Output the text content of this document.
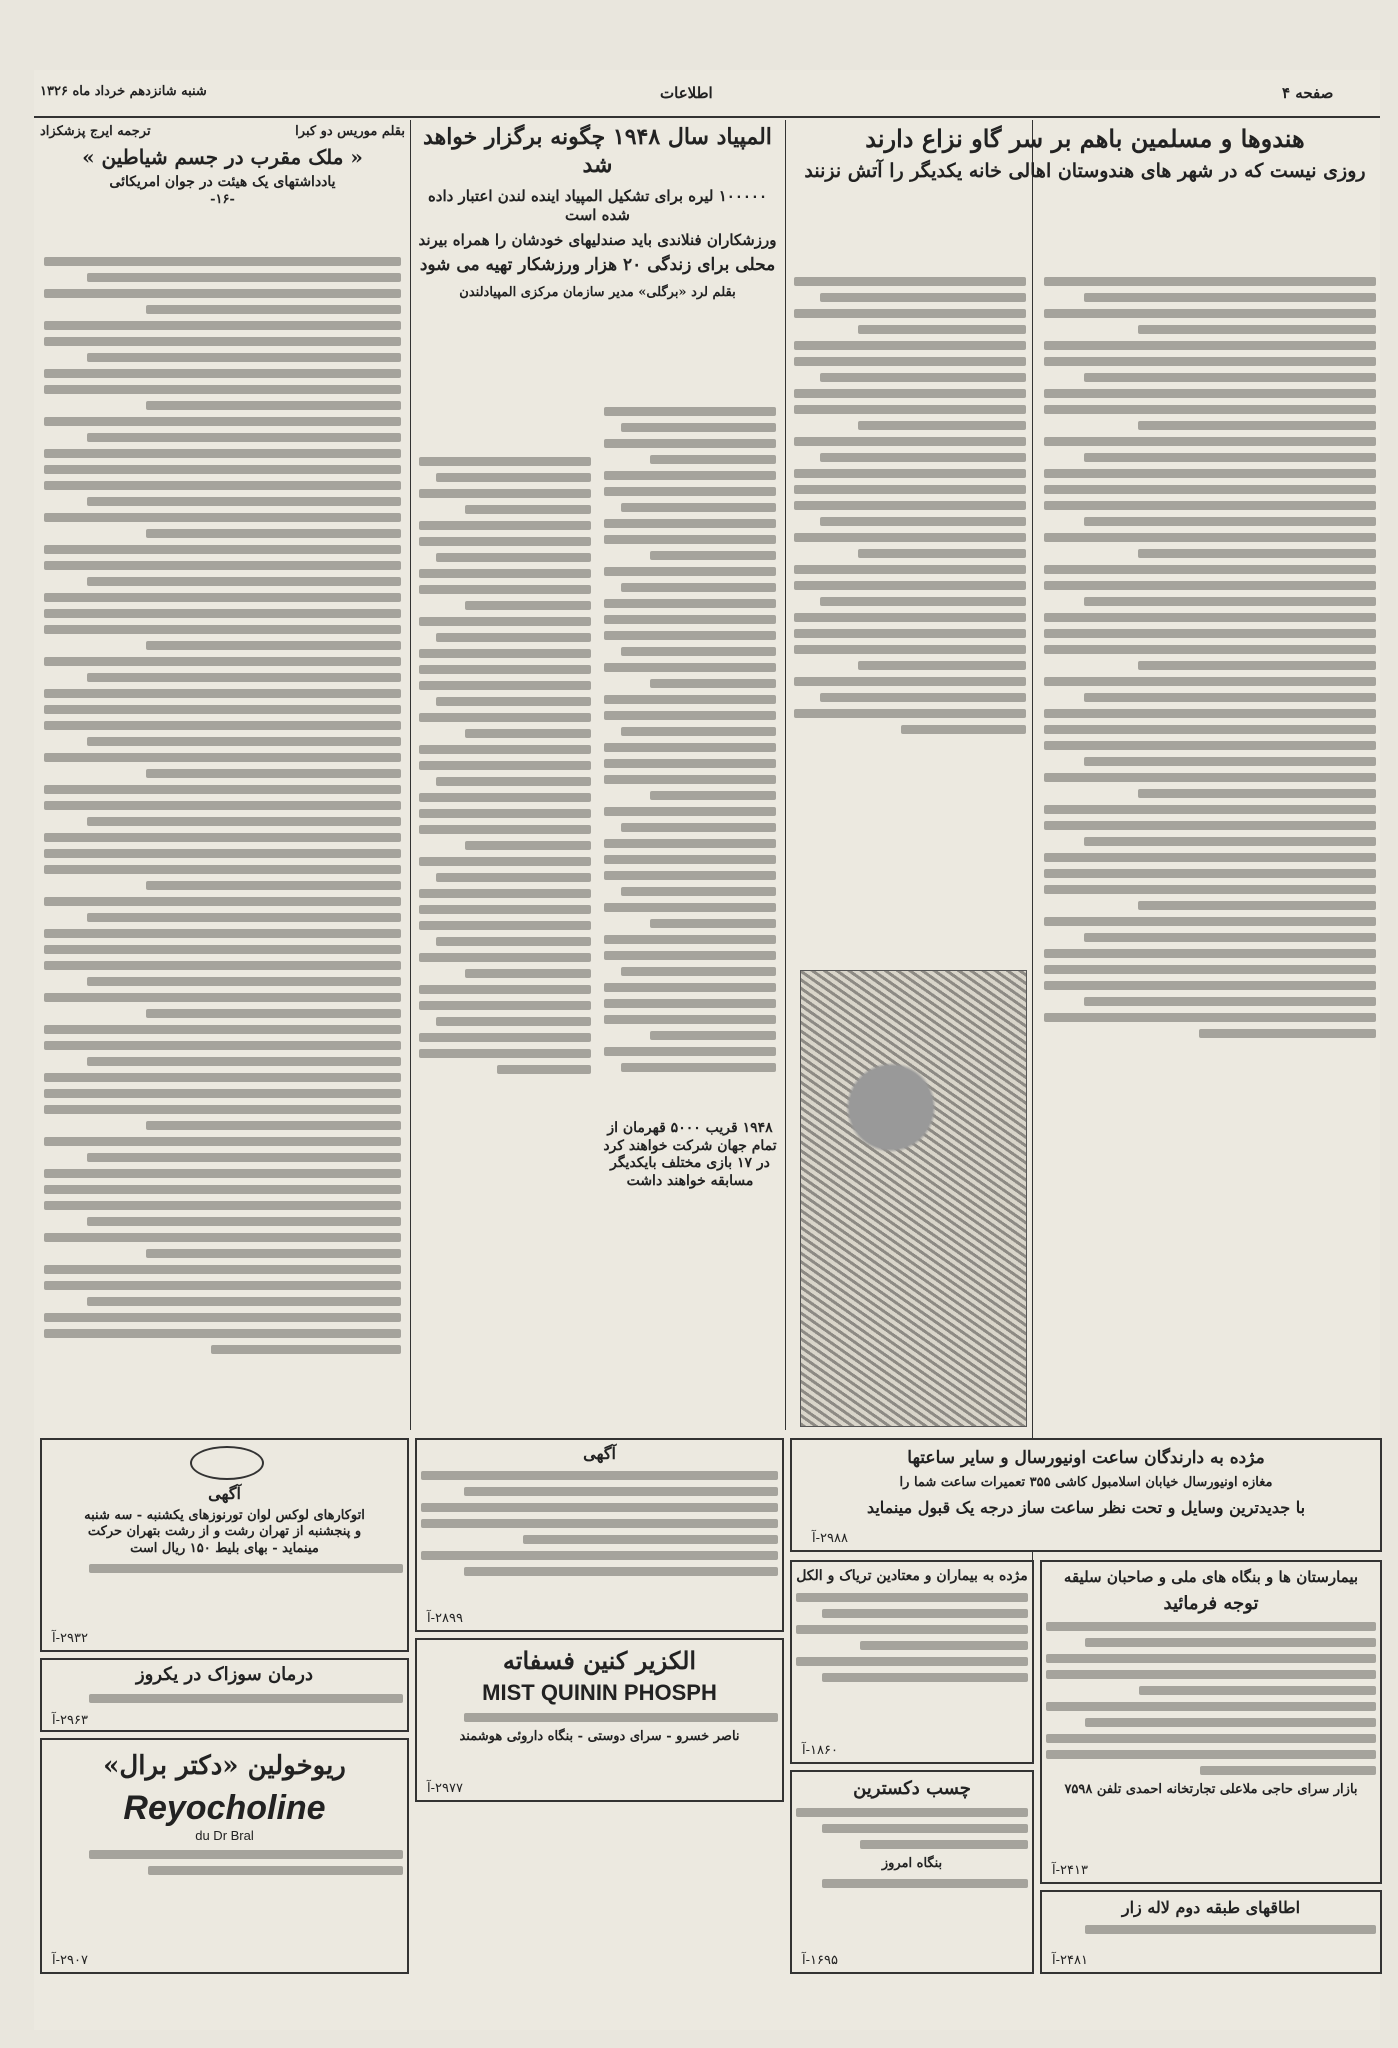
صفحه ۴
اطلاعات
شنبه شانزدهم خرداد ماه ۱۳۲۶
هندوها و مسلمین باهم بر سر گاو نزاع دارند
روزی نیست که در شهر های هندوستان اهالی خانه یکدیگر را آتش نزنند
المپیاد سال ۱۹۴۸ چگونه برگزار خواهد شد
۱۰۰۰۰۰ لیره برای تشکیل المپیاد اینده لندن اعتبار داده شده است
ورزشکاران فنلاندی باید صندلیهای خودشان را همراه بیرند
محلی برای زندگی ۲۰ هزار ورزشکار تهیه می شود
بقلم لرد «برگلی» مدیر سازمان مرکزی المپیادلندن
۱۹۴۸ قریب ۵۰۰۰ قهرمان از تمام جهان شرکت خواهند کرد در ۱۷ بازی مختلف بایکدیگر مسابقه خواهند داشت
بقلم موریس دو کبرا
ترجمه ایرج پزشکزاد
« ملک مقرب در جسم شیاطین »
یادداشتهای یک هیئت در جوان امریکائی
-۱۶-
مژده به دارندگان ساعت اونیورسال و سایر ساعتها
مغازه اونیورسال خیابان اسلامبول کاشی ۳۵۵ تعمیرات ساعت شما را
با جدیدترین وسایل و تحت نظر ساعت ساز درجه یک قبول مینماید
۲۹۸۸-آ
بیمارستان ها و بنگاه های ملی و صاحبان سلیقه
توجه فرمائید
بازار سرای حاجی ملاعلی تجارتخانه احمدی تلفن ۷۵۹۸
۲۴۱۳-آ
اطاقهای طبقه دوم لاله زار
۲۴۸۱-آ
مژده به بیماران و معتادین تریاک و الکل
۱۸۶۰-آ
چسب دکسترین
بنگاه امروز
۱۶۹۵-آ
آگهی
۲۸۹۹-آ
الکزیر کنین فسفاته
MIST QUININ PHOSPH
ناصر خسرو - سرای دوستی - بنگاه داروئی هوشمند
۲۹۷۷-آ
آگهی
اتوکارهای لوکس لوان تورنوزهای یکشنبه - سه شنبه
و پنجشنبه از تهران رشت و از رشت بتهران حرکت
مینماید - بهای بلیط ۱۵۰ ریال است
۲۹۳۲-آ
درمان سوزاک در یکروز
۲۹۶۳-آ
ریوخولین «دکتر برال»
Reyocholine
du Dr Bral
۲۹۰۷-آ
